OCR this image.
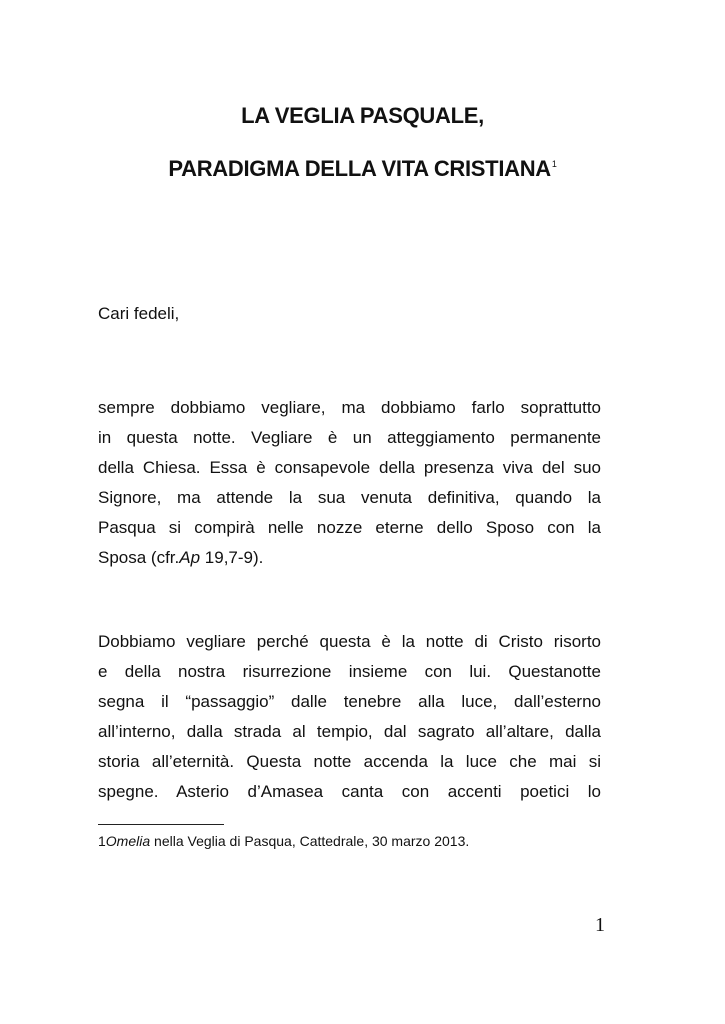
LA VEGLIA PASQUALE,
PARADIGMA DELLA VITA CRISTIANA$^1$
Cari fedeli,
sempre dobbiamo vegliare, ma dobbiamo farlo soprattutto
in questa notte. Vegliare è un atteggiamento permanente
della Chiesa. Essa è consapevole della presenza viva del suo
Signore, ma attende la sua venuta definitiva, quando la
Pasqua si compirà nelle nozze eterne dello Sposo con la
Sposa (cfr.Ap 19,7-9).
Dobbiamo vegliare perché questa è la notte di Cristo risorto
e della nostra risurrezione insieme con lui. Questanotte
segna il “passaggio” dalle tenebre alla luce, dall’esterno
all’interno, dalla strada al tempio, dal sagrato all’altare, dalla
storia all’eternità. Questa notte accenda la luce che mai si
spegne. Asterio d’Amasea canta con accenti poetici lo
1Omelia nella Veglia di Pasqua, Cattedrale, 30 marzo 2013.
1
